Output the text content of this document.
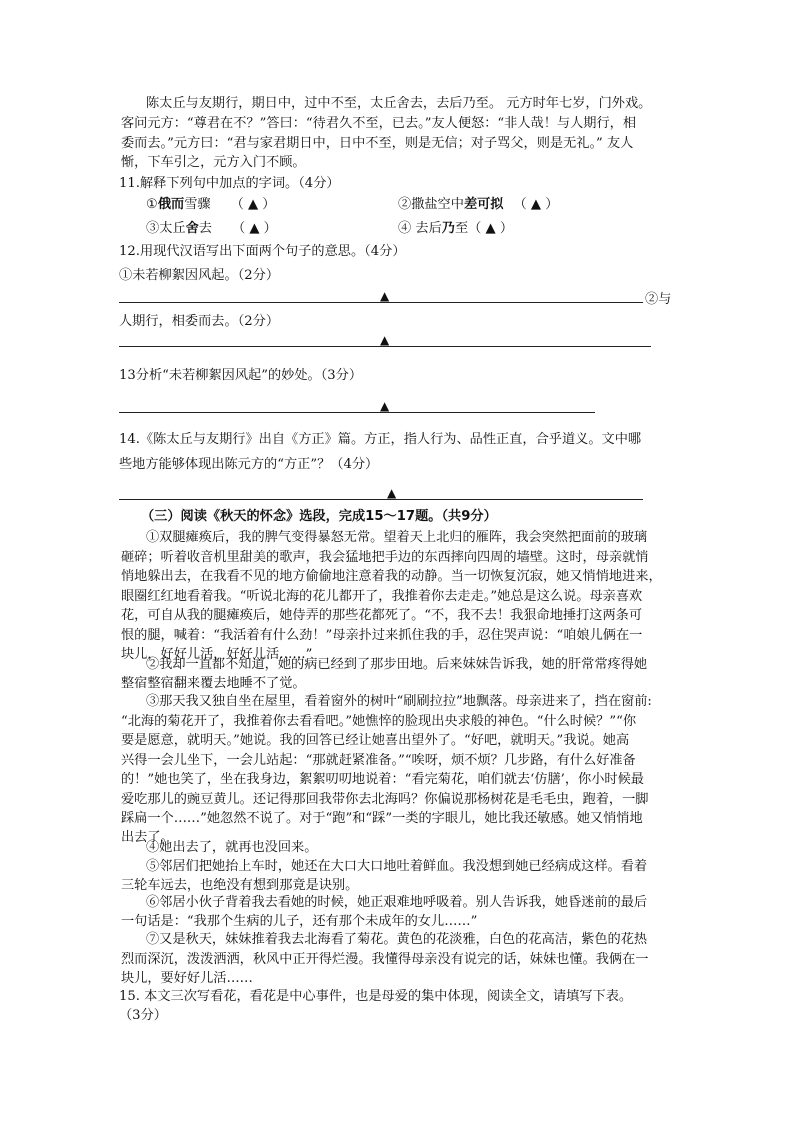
陈太丘与友期行，期日中，过中不至，太丘舍去，去后乃至。 元方时年七岁，门外戏。
客问元方：“尊君在不？”答曰：“待君久不至，已去。”友人便怒：“非人哉！与人期行，相
委而去。”元方曰：“君与家君期日中，日中不至，则是无信；对子骂父，则是无礼。” 友人
惭，下车引之，元方入门不顾。
11.解释下列句中加点的字词。（4分）
①俄而雪骤 （ ▲ ）	②撒盐空中差可拟 （ ▲ ）
③太丘舍去 （ ▲ ）	④ 去后乃至（ ▲ ）
12.用现代汉语写出下面两个句子的意思。（4分）
①未若柳絮因风起。（2分）
▲	②与
人期行，相委而去。（2分）
▲
13分析“未若柳絮因风起”的妙处。（3分）
▲
14.《陈太丘与友期行》出自《方正》篇。方正，指人行为、品性正直，合乎道义。文中哪
些地方能够体现出陈元方的“方正”？（4分）
▲
（三）阅读《秋天的怀念》选段，完成15～17题。（共9分）
①双腿瘫痪后，我的脾气变得暴怒无常。望着天上北归的雁阵，我会突然把面前的玻璃
砸碎；听着收音机里甜美的歌声，我会猛地把手边的东西摔向四周的墙壁。这时，母亲就悄
悄地躲出去，在我看不见的地方偷偷地注意着我的动静。当一切恢复沉寂，她又悄悄地进来，
眼圈红红地看着我。“听说北海的花儿都开了，我推着你去走走。”她总是这么说。母亲喜欢
花，可自从我的腿瘫痪后，她侍弄的那些花都死了。“不，我不去！我狠命地捶打这两条可
恨的腿，喊着：“我活着有什么劲！”母亲扑过来抓住我的手，忍住哭声说：“咱娘儿俩在一
块儿，好好儿活，好好儿活……”
②我却一直都不知道，她的病已经到了那步田地。后来妹妹告诉我，她的肝常常疼得她
整宿整宿翻来覆去地睡不了觉。
③那天我又独自坐在屋里，看着窗外的树叶“刷刷拉拉”地飘落。母亲进来了，挡在窗前:
“北海的菊花开了，我推着你去看看吧。”她憔悴的脸现出央求般的神色。“什么时候？”“你
要是愿意，就明天。”她说。我的回答已经让她喜出望外了。“好吧，就明天。”我说。她高
兴得一会儿坐下，一会儿站起：“那就赶紧准备。”“唉呀，烦不烦？几步路，有什么好准备
的！”她也笑了，坐在我身边，絮絮叨叨地说着：“看完菊花，咱们就去‘仿膳’，你小时候最
爱吃那儿的豌豆黄儿。还记得那回我带你去北海吗？你偏说那杨树花是毛毛虫，跑着，一脚
踩扁一个……”她忽然不说了。对于“跑”和“踩”一类的字眼儿，她比我还敏感。她又悄悄地
出去了。
④她出去了，就再也没回来。
⑤邻居们把她抬上车时，她还在大口大口地吐着鲜血。我没想到她已经病成这样。看着
三轮车远去，也绝没有想到那竟是诀别。
⑥邻居小伙子背着我去看她的时候，她正艰难地呼吸着。别人告诉我，她昏迷前的最后
一句话是：“我那个生病的儿子，还有那个未成年的女儿……”
⑦又是秋天，妹妹推着我去北海看了菊花。黄色的花淡雅，白色的花高洁，紫色的花热
烈而深沉，泼泼洒洒，秋风中正开得烂漫。我懂得母亲没有说完的话，妹妹也懂。我俩在一
块儿，要好好儿活……
15. 本文三次写看花，看花是中心事件，也是母爱的集中体现，阅读全文，请填写下表。
（3分）
